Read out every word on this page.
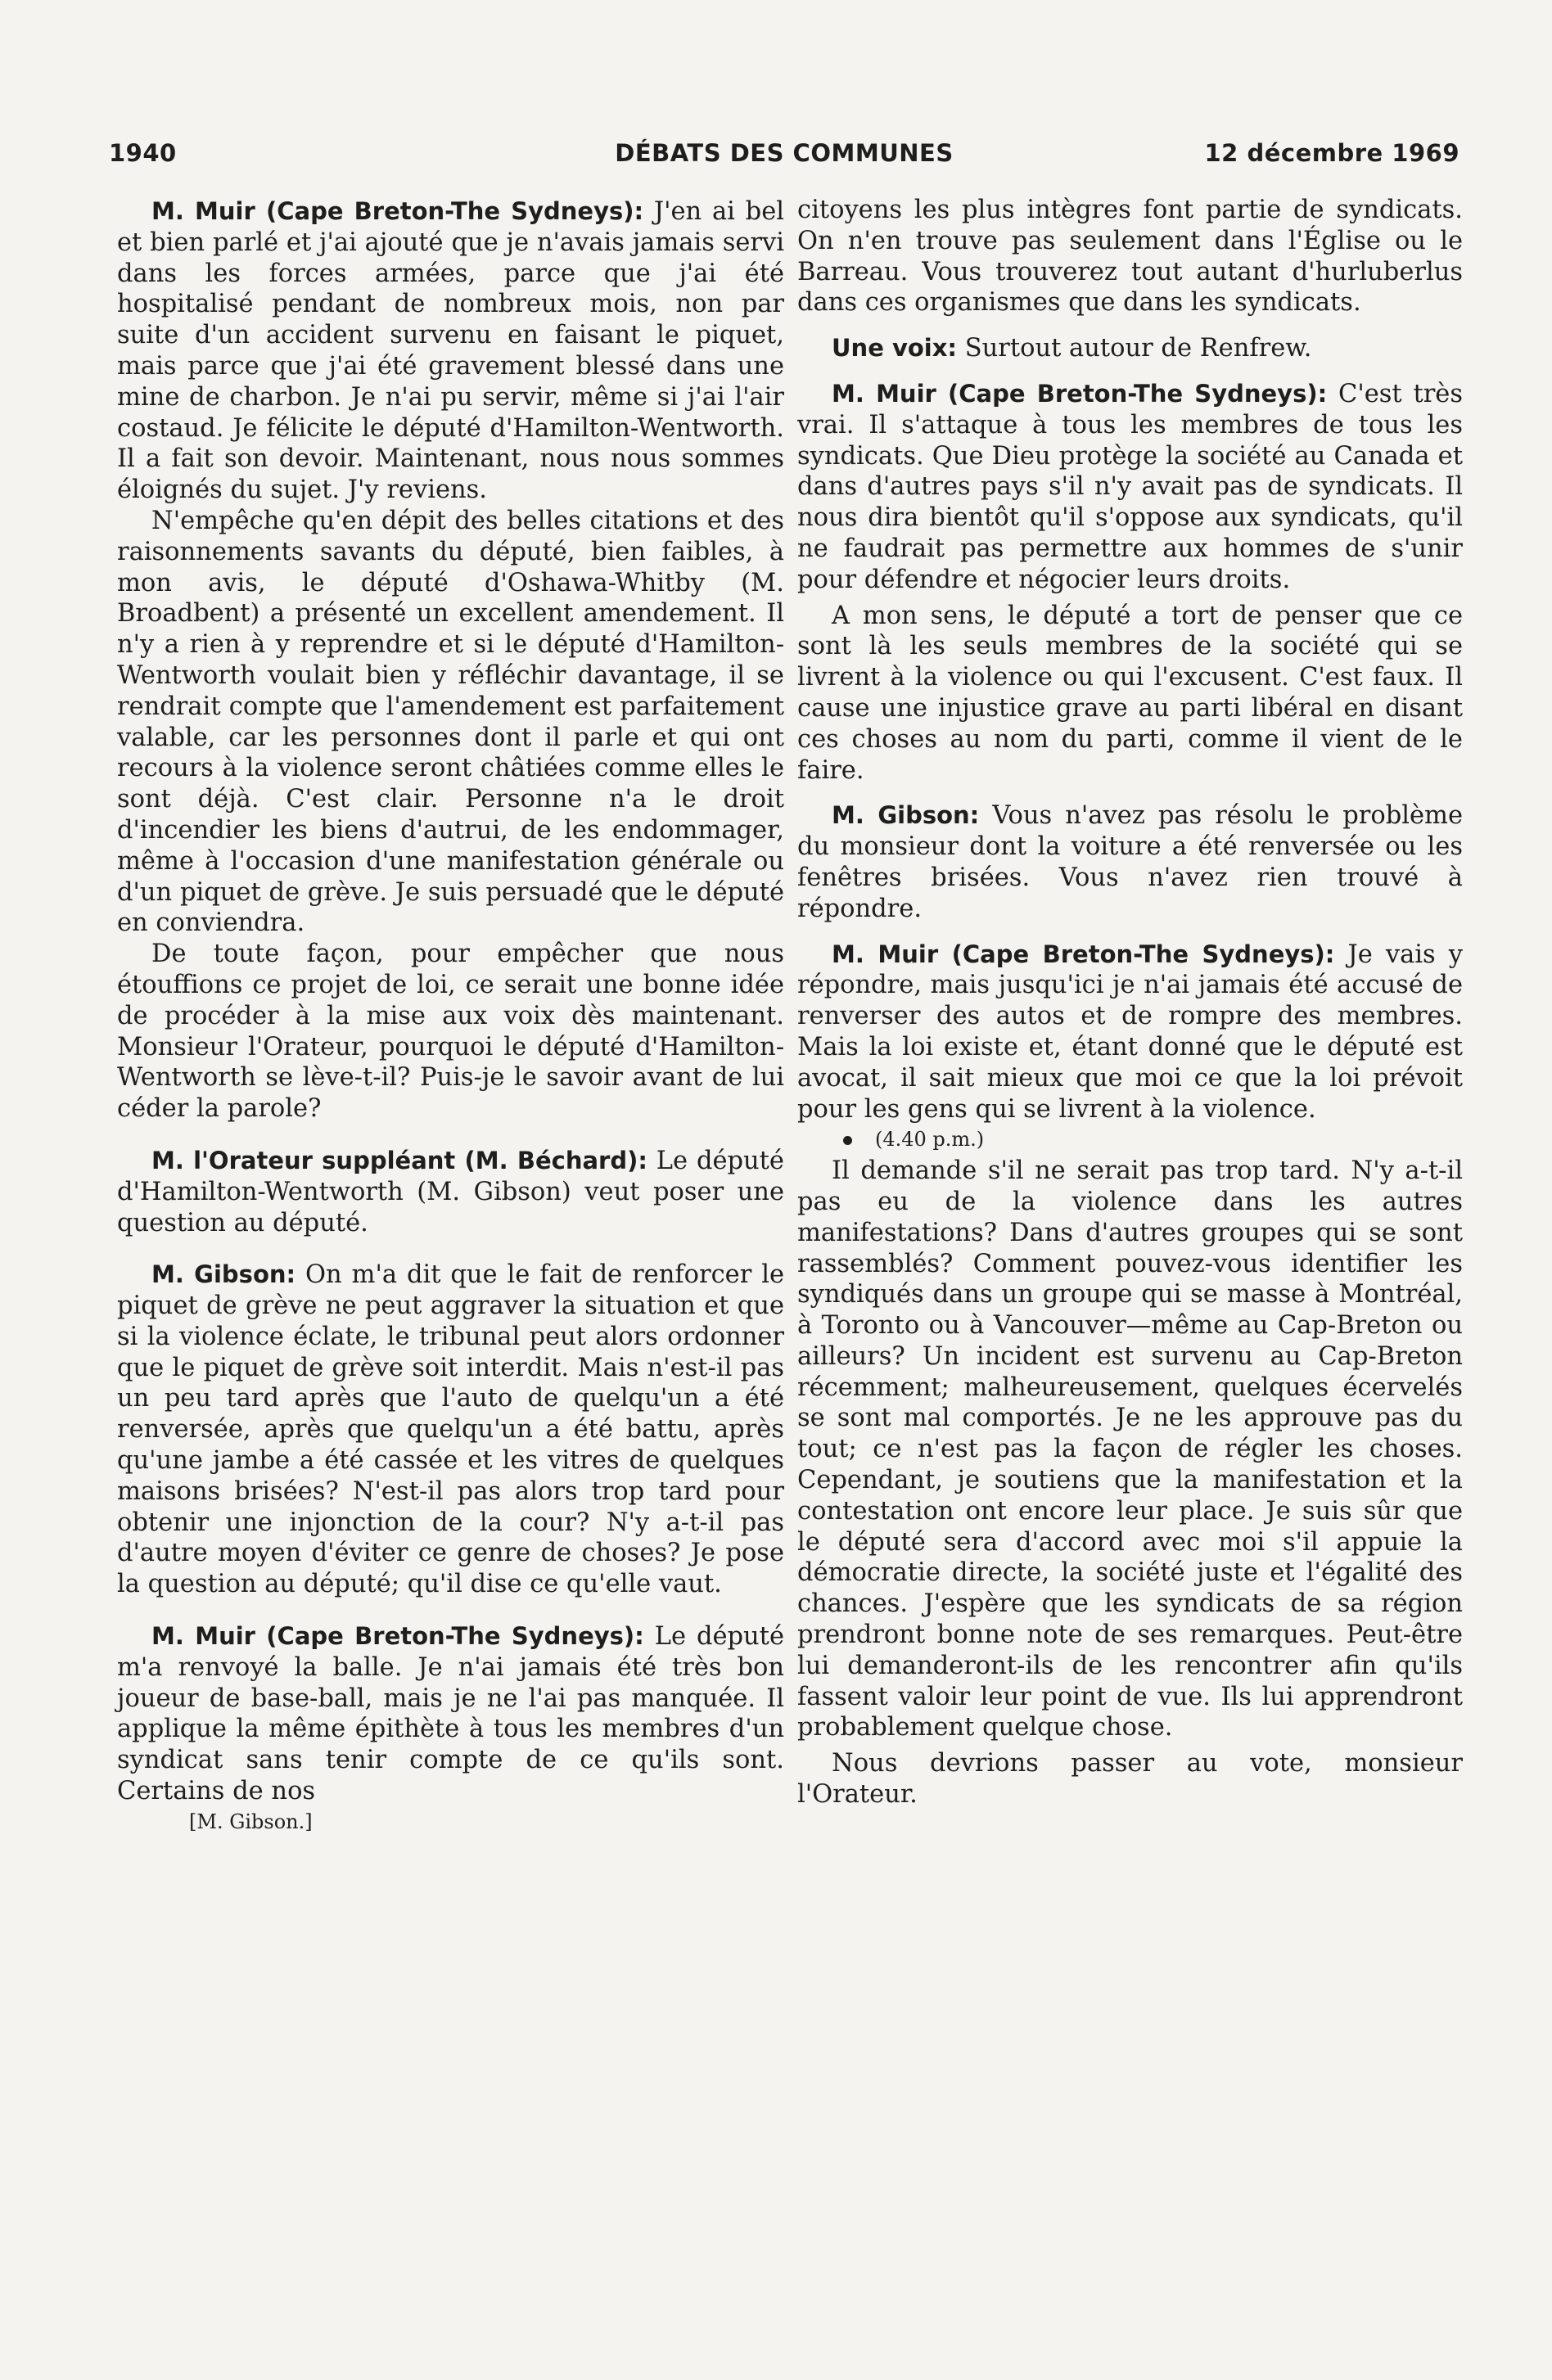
1940	DÉBATS DES COMMUNES	12 décembre 1969

M. Muir (Cape Breton-The Sydneys): J'en ai bel et bien parlé et j'ai ajouté que je n'avais jamais servi dans les forces armées, parce que j'ai été hospitalisé pendant de nombreux mois, non par suite d'un accident survenu en faisant le piquet, mais parce que j'ai été gravement blessé dans une mine de charbon. Je n'ai pu servir, même si j'ai l'air costaud. Je félicite le député d'Hamilton-Wentworth. Il a fait son devoir. Maintenant, nous nous sommes éloignés du sujet. J'y reviens.

N'empêche qu'en dépit des belles citations et des raisonnements savants du député, bien faibles, à mon avis, le député d'Oshawa-Whitby (M. Broadbent) a présenté un excellent amendement. Il n'y a rien à y reprendre et si le député d'Hamilton-Wentworth voulait bien y réfléchir davantage, il se rendrait compte que l'amendement est parfaitement valable, car les personnes dont il parle et qui ont recours à la violence seront châtiées comme elles le sont déjà. C'est clair. Personne n'a le droit d'incendier les biens d'autrui, de les endommager, même à l'occasion d'une manifestation générale ou d'un piquet de grève. Je suis persuadé que le député en conviendra.

De toute façon, pour empêcher que nous étouffions ce projet de loi, ce serait une bonne idée de procéder à la mise aux voix dès maintenant. Monsieur l'Orateur, pourquoi le député d'Hamilton-Wentworth se lève-t-il? Puis-je le savoir avant de lui céder la parole?

M. l'Orateur suppléant (M. Béchard): Le député d'Hamilton-Wentworth (M. Gibson) veut poser une question au député.

M. Gibson: On m'a dit que le fait de renforcer le piquet de grève ne peut aggraver la situation et que si la violence éclate, le tribunal peut alors ordonner que le piquet de grève soit interdit. Mais n'est-il pas un peu tard après que l'auto de quelqu'un a été renversée, après que quelqu'un a été battu, après qu'une jambe a été cassée et les vitres de quelques maisons brisées? N'est-il pas alors trop tard pour obtenir une injonction de la cour? N'y a-t-il pas d'autre moyen d'éviter ce genre de choses? Je pose la question au député; qu'il dise ce qu'elle vaut.

M. Muir (Cape Breton-The Sydneys): Le député m'a renvoyé la balle. Je n'ai jamais été très bon joueur de base-ball, mais je ne l'ai pas manquée. Il applique la même épithète à tous les membres d'un syndicat sans tenir compte de ce qu'ils sont. Certains de nos

[M. Gibson.]

citoyens les plus intègres font partie de syndicats. On n'en trouve pas seulement dans l'Église ou le Barreau. Vous trouverez tout autant d'hurluberlus dans ces organismes que dans les syndicats.

Une voix: Surtout autour de Renfrew.

M. Muir (Cape Breton-The Sydneys): C'est très vrai. Il s'attaque à tous les membres de tous les syndicats. Que Dieu protège la société au Canada et dans d'autres pays s'il n'y avait pas de syndicats. Il nous dira bientôt qu'il s'oppose aux syndicats, qu'il ne faudrait pas permettre aux hommes de s'unir pour défendre et négocier leurs droits.

A mon sens, le député a tort de penser que ce sont là les seuls membres de la société qui se livrent à la violence ou qui l'excusent. C'est faux. Il cause une injustice grave au parti libéral en disant ces choses au nom du parti, comme il vient de le faire.

M. Gibson: Vous n'avez pas résolu le problème du monsieur dont la voiture a été renversée ou les fenêtres brisées. Vous n'avez rien trouvé à répondre.

M. Muir (Cape Breton-The Sydneys): Je vais y répondre, mais jusqu'ici je n'ai jamais été accusé de renverser des autos et de rompre des membres. Mais la loi existe et, étant donné que le député est avocat, il sait mieux que moi ce que la loi prévoit pour les gens qui se livrent à la violence.

(4.40 p.m.)

Il demande s'il ne serait pas trop tard. N'y a-t-il pas eu de la violence dans les autres manifestations? Dans d'autres groupes qui se sont rassemblés? Comment pouvez-vous identifier les syndiqués dans un groupe qui se masse à Montréal, à Toronto ou à Vancouver—même au Cap-Breton ou ailleurs? Un incident est survenu au Cap-Breton récemment; malheureusement, quelques écervelés se sont mal comportés. Je ne les approuve pas du tout; ce n'est pas la façon de régler les choses. Cependant, je soutiens que la manifestation et la contestation ont encore leur place. Je suis sûr que le député sera d'accord avec moi s'il appuie la démocratie directe, la société juste et l'égalité des chances. J'espère que les syndicats de sa région prendront bonne note de ses remarques. Peut-être lui demanderont-ils de les rencontrer afin qu'ils fassent valoir leur point de vue. Ils lui apprendront probablement quelque chose.

Nous devrions passer au vote, monsieur l'Orateur.
